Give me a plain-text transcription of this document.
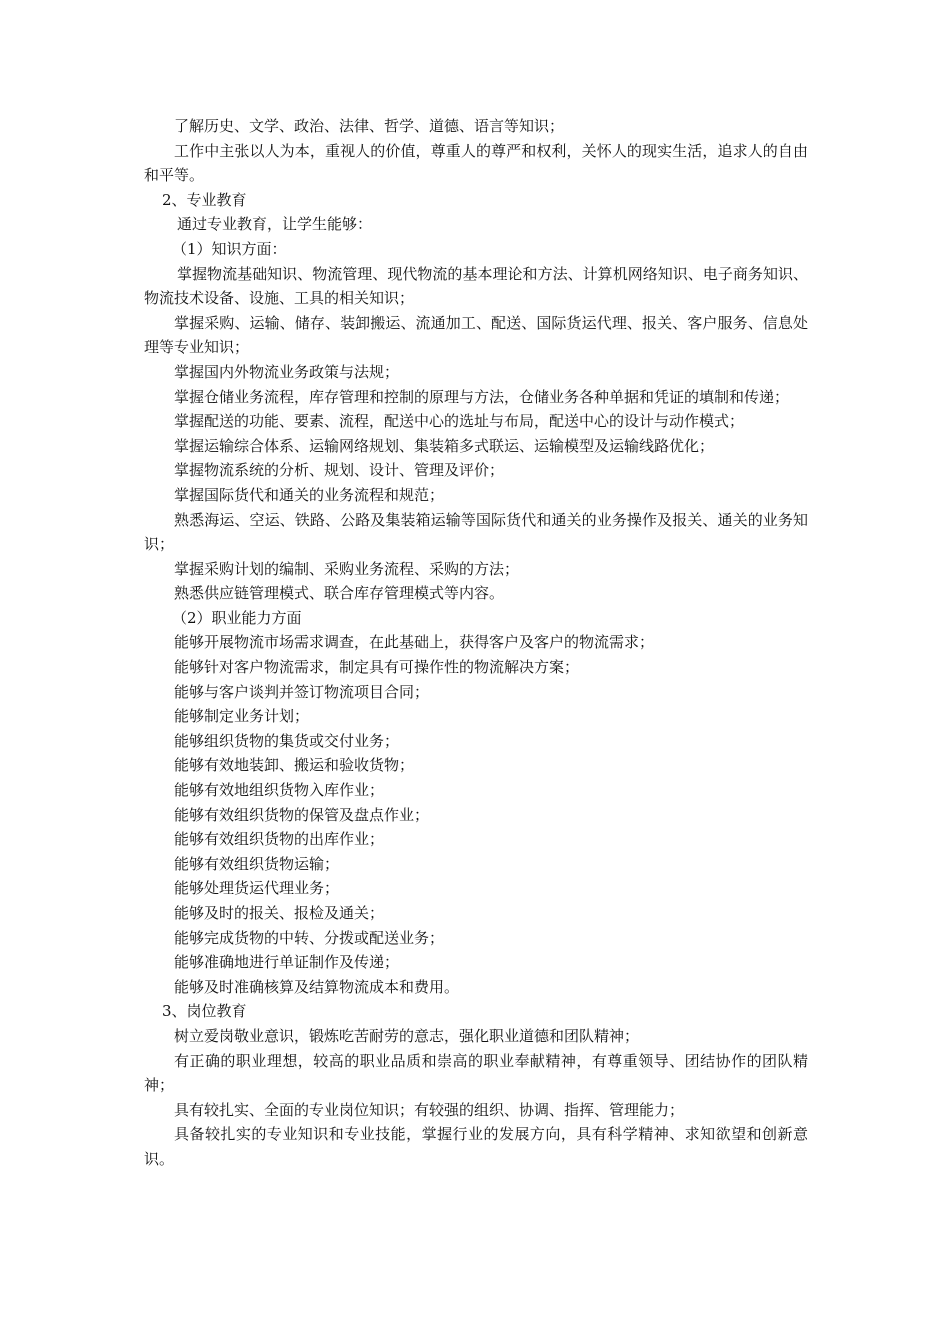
了解历史、文学、政治、法律、哲学、道德、语言等知识；

工作中主张以人为本，重视人的价值，尊重人的尊严和权利，关怀人的现实生活，追求人的自由和平等。

2、专业教育

通过专业教育，让学生能够：

（1）知识方面：

掌握物流基础知识、物流管理、现代物流的基本理论和方法、计算机网络知识、电子商务知识、物流技术设备、设施、工具的相关知识；

掌握采购、运输、储存、装卸搬运、流通加工、配送、国际货运代理、报关、客户服务、信息处理等专业知识；

掌握国内外物流业务政策与法规；

掌握仓储业务流程，库存管理和控制的原理与方法，仓储业务各种单据和凭证的填制和传递；

掌握配送的功能、要素、流程，配送中心的选址与布局，配送中心的设计与动作模式；

掌握运输综合体系、运输网络规划、集装箱多式联运、运输模型及运输线路优化；

掌握物流系统的分析、规划、设计、管理及评价；

掌握国际货代和通关的业务流程和规范；

熟悉海运、空运、铁路、公路及集装箱运输等国际货代和通关的业务操作及报关、通关的业务知识；

掌握采购计划的编制、采购业务流程、采购的方法；

熟悉供应链管理模式、联合库存管理模式等内容。

（2）职业能力方面

能够开展物流市场需求调查，在此基础上，获得客户及客户的物流需求；

能够针对客户物流需求，制定具有可操作性的物流解决方案；

能够与客户谈判并签订物流项目合同；

能够制定业务计划；

能够组织货物的集货或交付业务；

能够有效地装卸、搬运和验收货物；

能够有效地组织货物入库作业；

能够有效组织货物的保管及盘点作业；

能够有效组织货物的出库作业；

能够有效组织货物运输；

能够处理货运代理业务；

能够及时的报关、报检及通关；

能够完成货物的中转、分拨或配送业务；

能够准确地进行单证制作及传递；

能够及时准确核算及结算物流成本和费用。

3、岗位教育

树立爱岗敬业意识，锻炼吃苦耐劳的意志，强化职业道德和团队精神；

有正确的职业理想，较高的职业品质和崇高的职业奉献精神，有尊重领导、团结协作的团队精神；

具有较扎实、全面的专业岗位知识；有较强的组织、协调、指挥、管理能力；

具备较扎实的专业知识和专业技能，掌握行业的发展方向，具有科学精神、求知欲望和创新意识。
